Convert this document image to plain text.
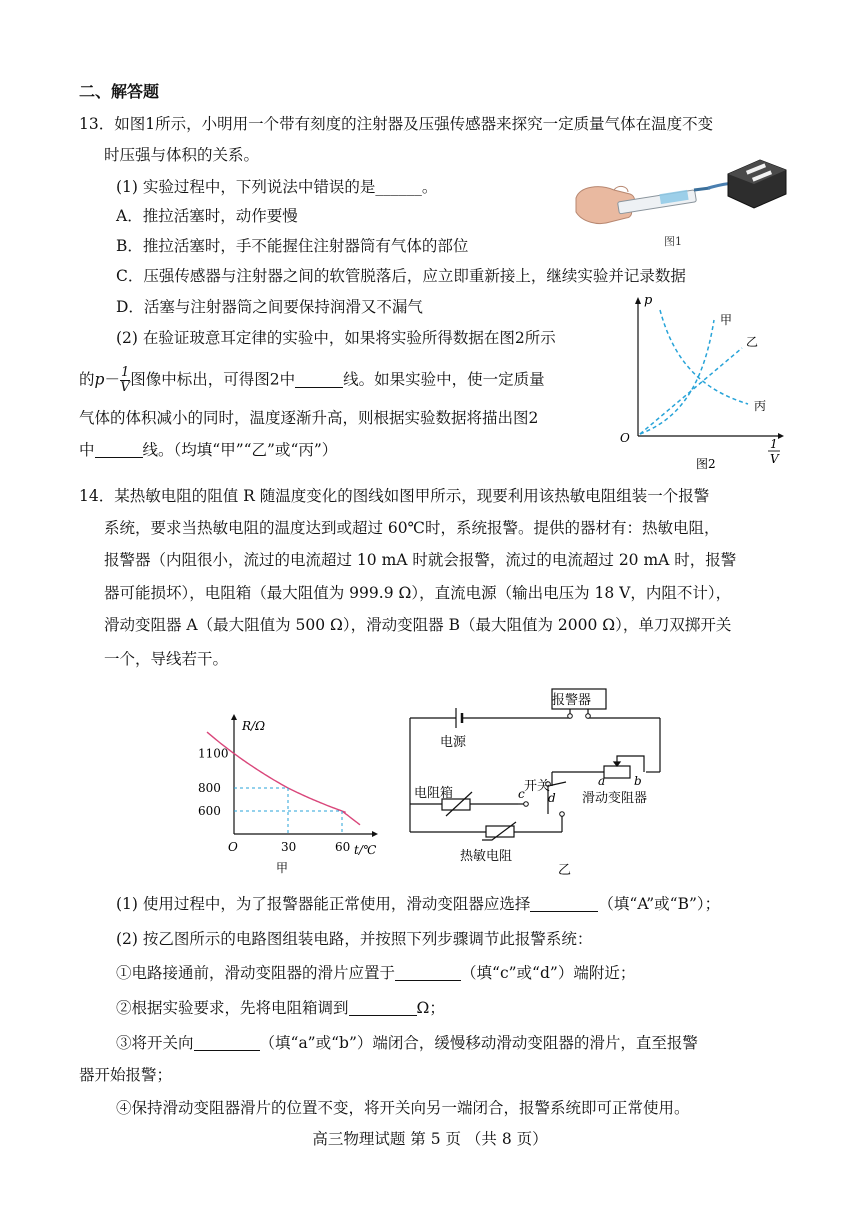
二、解答题
13．如图1所示，小明用一个带有刻度的注射器及压强传感器来探究一定质量气体在温度不变
时压强与体积的关系。
(1) 实验过程中，下列说法中错误的是______。
A．推拉活塞时，动作要慢
B．推拉活塞时，手不能握住注射器筒有气体的部位
C．压强传感器与注射器之间的软管脱落后，应立即重新接上，继续实验并记录数据
D．活塞与注射器筒之间要保持润滑又不漏气
(2) 在验证玻意耳定律的实验中，如果将实验所得数据在图2所示
的$p- \frac{1}{V}$ 图像中标出，可得图2中	线。如果实验中，使一定质量
气体的体积减小的同时，温度逐渐升高，则根据实验数据将描出图2
中	线。（均填“甲”“乙”或“丙”）
图1
p
O	1
V
甲
乙
丙
图2
14．某热敏电阻的阻值 R 随温度变化的图线如图甲所示，现要利用该热敏电阻组装一个报警
系统，要求当热敏电阻的温度达到或超过 60℃时，系统报警。提供的器材有：热敏电阻，
报警器（内阻很小，流过的电流超过 10 mA 时就会报警，流过的电流超过 20 mA 时，报警
器可能损坏），电阻箱（最大阻值为 999.9 Ω），直流电源（输出电压为 18 V，内阻不计），
滑动变阻器 A（最大阻值为 500 Ω），滑动变阻器 B（最大阻值为 2000 Ω），单刀双掷开关
一个，导线若干。
R/Ω
t/℃
O
600
800
1100
30	60
甲
报警器
电源
开关
电阻箱	滑动变阻器
热敏电阻
a b
c d
乙
(1) 使用过程中，为了报警器能正常使用，滑动变阻器应选择	（填“A”或“B”）；
(2) 按乙图所示的电路图组装电路，并按照下列步骤调节此报警系统：
①电路接通前，滑动变阻器的滑片应置于	（填“c”或“d”）端附近；
②根据实验要求，先将电阻箱调到	Ω；
③将开关向	（填“a”或“b”）端闭合，缓慢移动滑动变阻器的滑片，直至报警
器开始报警；
④保持滑动变阻器滑片的位置不变，将开关向另一端闭合，报警系统即可正常使用。
高三物理试题 第 5 页 （共 8 页）
